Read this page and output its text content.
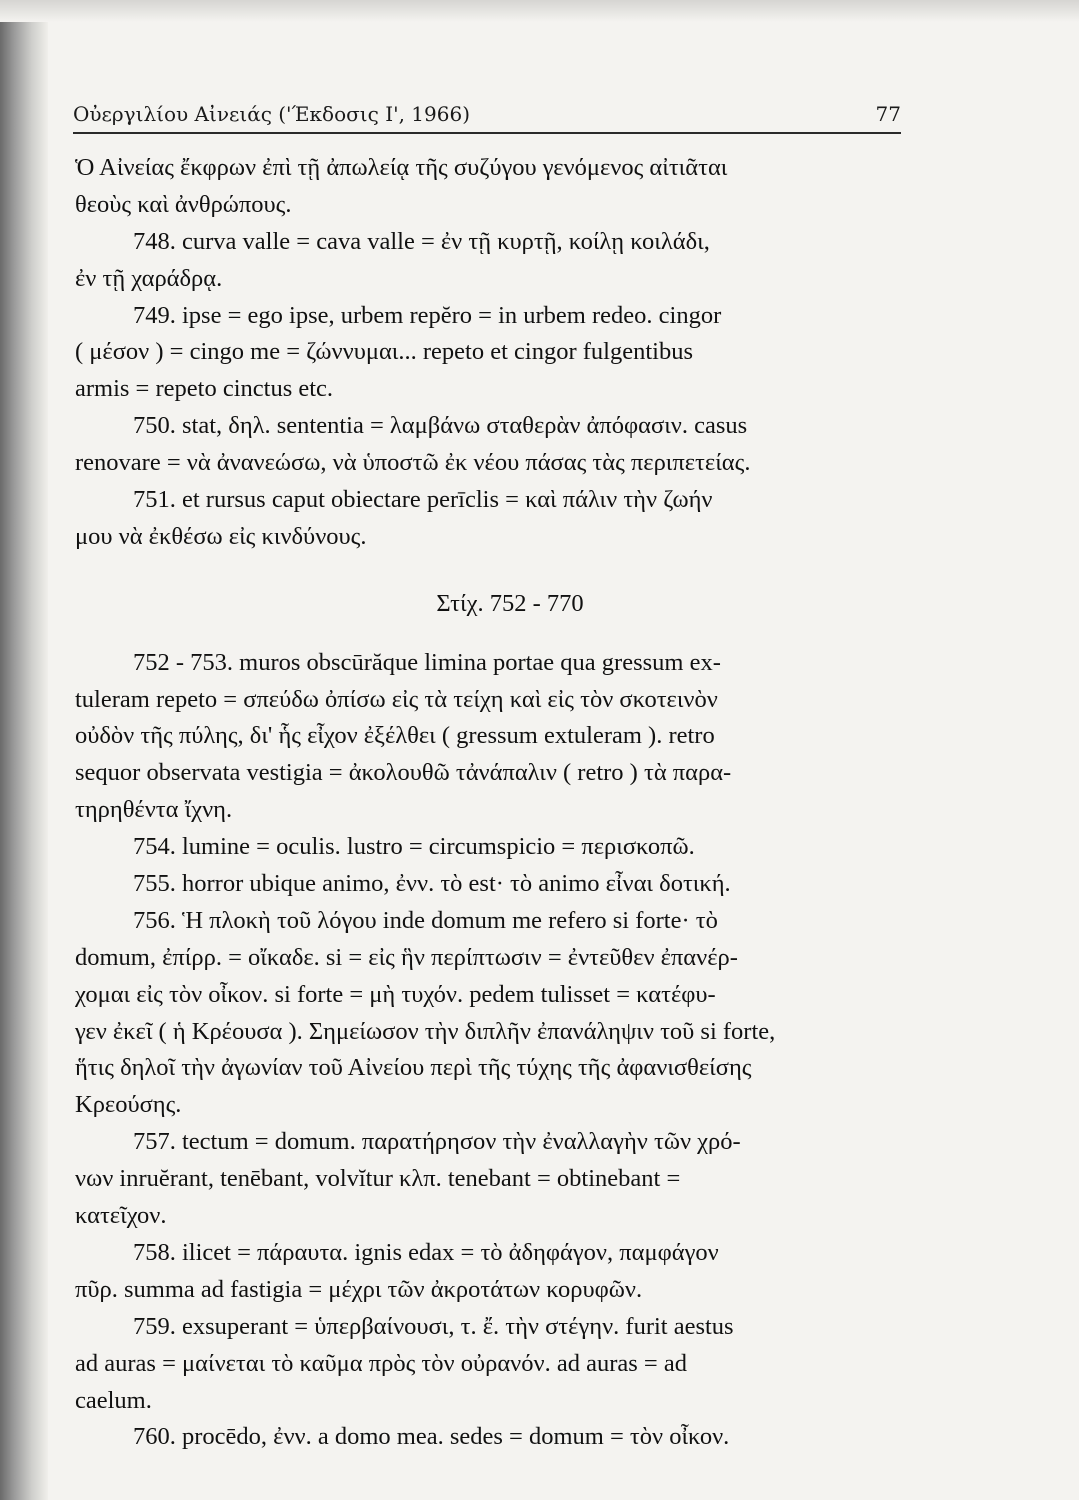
Οὐεργιλίου Αἰνειάς ('Έκδοσις Ι', 1966)	77
Ὁ Αἰνείας ἔκφρων ἐπὶ τῇ ἀπωλείᾳ τῆς συζύγου γενόμενος αἰτιᾶται
θεοὺς καὶ ἀνθρώπους.
748. curva valle = cava valle = ἐν τῇ κυρτῇ, κοίλῃ κοιλάδι,
ἐν τῇ χαράδρᾳ.
749. ipse = ego ipse, urbem repĕro = in urbem redeo. cingor
( μέσον ) = cingo me = ζώννυμαι... repeto et cingor fulgentibus
armis = repeto cinctus etc.
750. stat, δηλ. sententia = λαμβάνω σταθερὰν ἀπόφασιν. casus
renovare = νὰ ἀνανεώσω, νὰ ὑποστῶ ἐκ νέου πάσας τὰς περιπετείας.
751. et rursus caput obiectare perīclis = καὶ πάλιν τὴν ζωήν
μου νὰ ἐκθέσω εἰς κινδύνους.
Στίχ. 752 - 770
752 - 753. muros obscūrăque limina portae qua gressum ex-
tuleram repeto = σπεύδω ὀπίσω εἰς τὰ τείχη καὶ εἰς τὸν σκοτεινὸν
οὐδὸν τῆς πύλης, δι' ἧς εἶχον ἐξέλθει ( gressum extuleram ). retro
sequor observata vestigia = ἀκολουθῶ τἀνάπαλιν ( retro ) τὰ παρα-
τηρηθέντα ἴχνη.
754. lumine = oculis. lustro = circumspicio = περισκοπῶ.
755. horror ubique animo, ἐνν. τὸ est· τὸ animo εἶναι δοτική.
756. Ἡ πλοκὴ τοῦ λόγου inde domum me refero si forte· τὸ
domum, ἐπίρρ. = οἴκαδε. si = εἰς ἣν περίπτωσιν = ἐντεῦθεν ἐπανέρ-
χομαι εἰς τὸν οἶκον. si forte = μὴ τυχόν. pedem tulisset = κατέφυ-
γεν ἐκεῖ ( ἡ Κρέουσα ). Σημείωσον τὴν διπλῆν ἐπανάληψιν τοῦ si forte,
ἥτις δηλοῖ τὴν ἀγωνίαν τοῦ Αἰνείου περὶ τῆς τύχης τῆς ἀφανισθείσης
Κρεούσης.
757. tectum = domum. παρατήρησον τὴν ἐναλλαγὴν τῶν χρό-
νων inruĕrant, tenēbant, volvĭtur κλπ. tenebant = obtinebant =
κατεῖχον.
758. ilicet = πάραυτα. ignis edax = τὸ ἀδηφάγον, παμφάγον
πῦρ. summa ad fastigia = μέχρι τῶν ἀκροτάτων κορυφῶν.
759. exsuperant = ὑπερβαίνουσι, τ. ἔ. τὴν στέγην. furit aestus
ad auras = μαίνεται τὸ καῦμα πρὸς τὸν οὐρανόν. ad auras = ad
caelum.
760. procēdo, ἐνν. a domo mea. sedes = domum = τὸν οἶκον.
